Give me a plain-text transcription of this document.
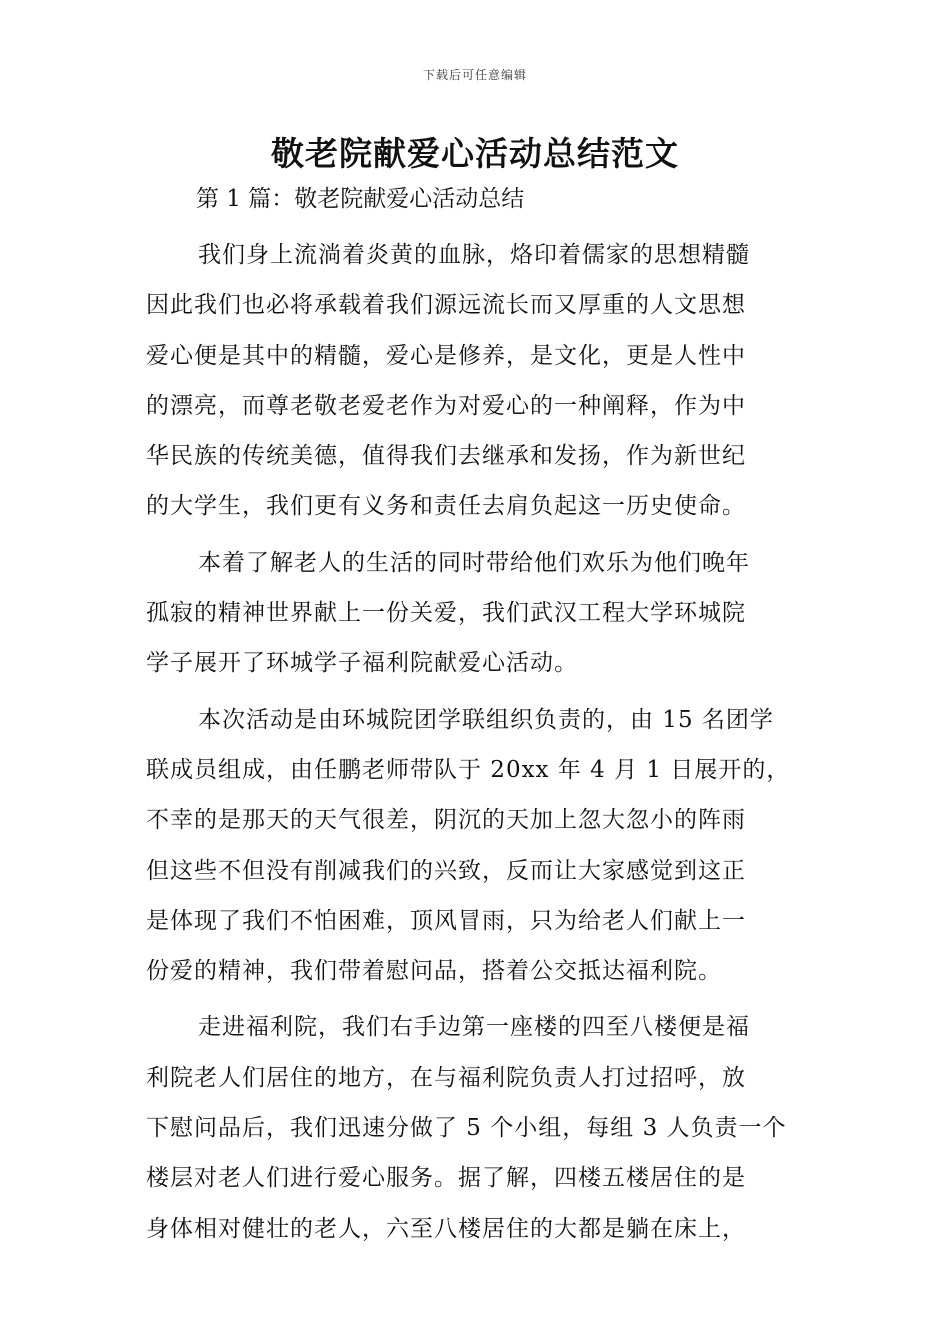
下载后可任意编辑
敬老院献爱心活动总结范文
第 1 篇：敬老院献爱心活动总结
我们身上流淌着炎黄的血脉，烙印着儒家的思想精髓
因此我们也必将承载着我们源远流长而又厚重的人文思想
爱心便是其中的精髓，爱心是修养，是文化，更是人性中
的漂亮，而尊老敬老爱老作为对爱心的一种阐释，作为中
华民族的传统美德，值得我们去继承和发扬，作为新世纪
的大学生，我们更有义务和责任去肩负起这一历史使命。
本着了解老人的生活的同时带给他们欢乐为他们晚年
孤寂的精神世界献上一份关爱，我们武汉工程大学环城院
学子展开了环城学子福利院献爱心活动。
本次活动是由环城院团学联组织负责的，由 15 名团学
联成员组成，由任鹏老师带队于 20xx 年 4 月 1 日展开的，
不幸的是那天的天气很差，阴沉的天加上忽大忽小的阵雨
但这些不但没有削减我们的兴致，反而让大家感觉到这正
是体现了我们不怕困难，顶风冒雨，只为给老人们献上一
份爱的精神，我们带着慰问品，搭着公交抵达福利院。
走进福利院，我们右手边第一座楼的四至八楼便是福
利院老人们居住的地方，在与福利院负责人打过招呼，放
下慰问品后，我们迅速分做了 5 个小组，每组 3 人负责一个
楼层对老人们进行爱心服务。据了解，四楼五楼居住的是
身体相对健壮的老人，六至八楼居住的大都是躺在床上，
